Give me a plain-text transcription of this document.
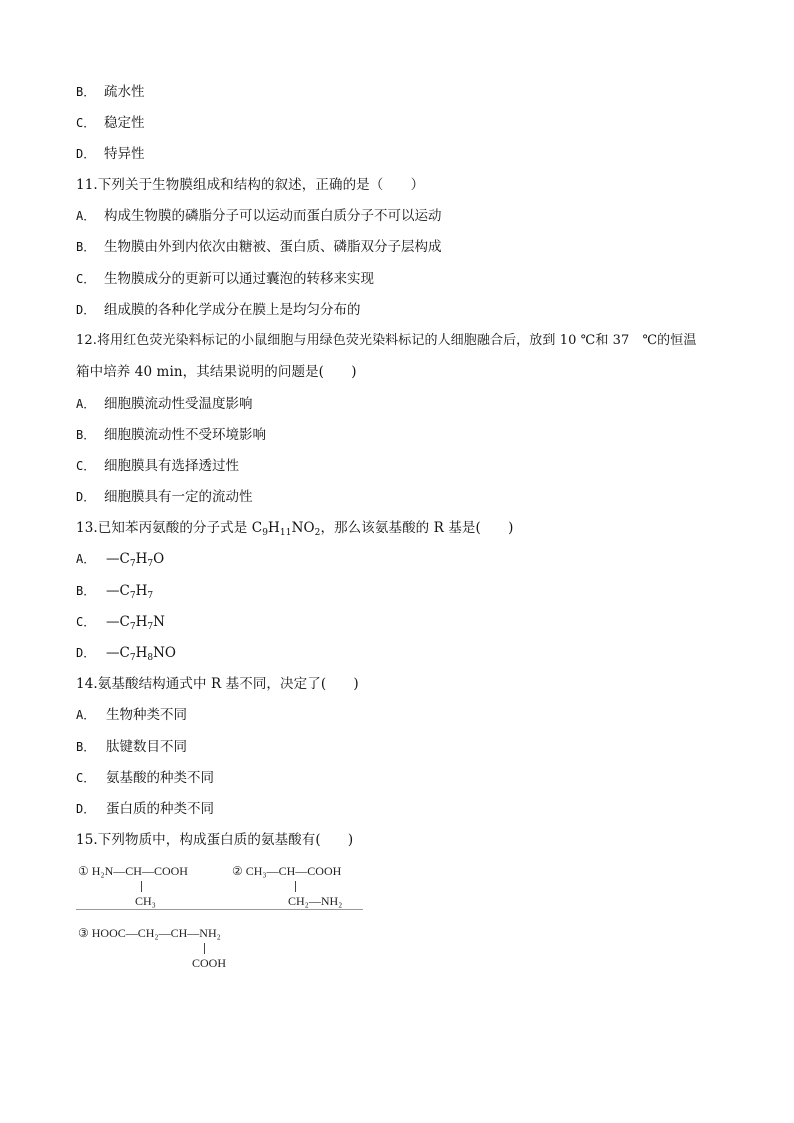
B． 疏水性
C． 稳定性
D． 特异性
11.下列关于生物膜组成和结构的叙述，正确的是（　　）
A． 构成生物膜的磷脂分子可以运动而蛋白质分子不可以运动
B． 生物膜由外到内依次由糖被、蛋白质、磷脂双分子层构成
C． 生物膜成分的更新可以通过囊泡的转移来实现
D． 组成膜的各种化学成分在膜上是均匀分布的
12.将用红色荧光染料标记的小鼠细胞与用绿色荧光染料标记的人细胞融合后，放到 10 ℃和 37　℃的恒温
箱中培养 40 min，其结果说明的问题是(　　)
A． 细胞膜流动性受温度影响
B． 细胞膜流动性不受环境影响
C． 细胞膜具有选择透过性
D． 细胞膜具有一定的流动性
13.已知苯丙氨酸的分子式是 $C_9H_{11}NO_2$，那么该氨基酸的 R 基是(　　)
A． $—C_7H_7O$
B． $—C_7H_7$
C． $—C_7H_7N$
D． $—C_7H_8NO$
14.氨基酸结构通式中 R 基不同，决定了(　　)
A． 生物种类不同
B． 肽键数目不同
C． 氨基酸的种类不同
D． 蛋白质的种类不同
15.下列物质中，构成蛋白质的氨基酸有(　　)
① H₂N—CH—COOH
CH₃
② CH₃—CH—COOH
CH₂—NH₂
③ HOOC—CH₂—CH—NH₂
COOH
